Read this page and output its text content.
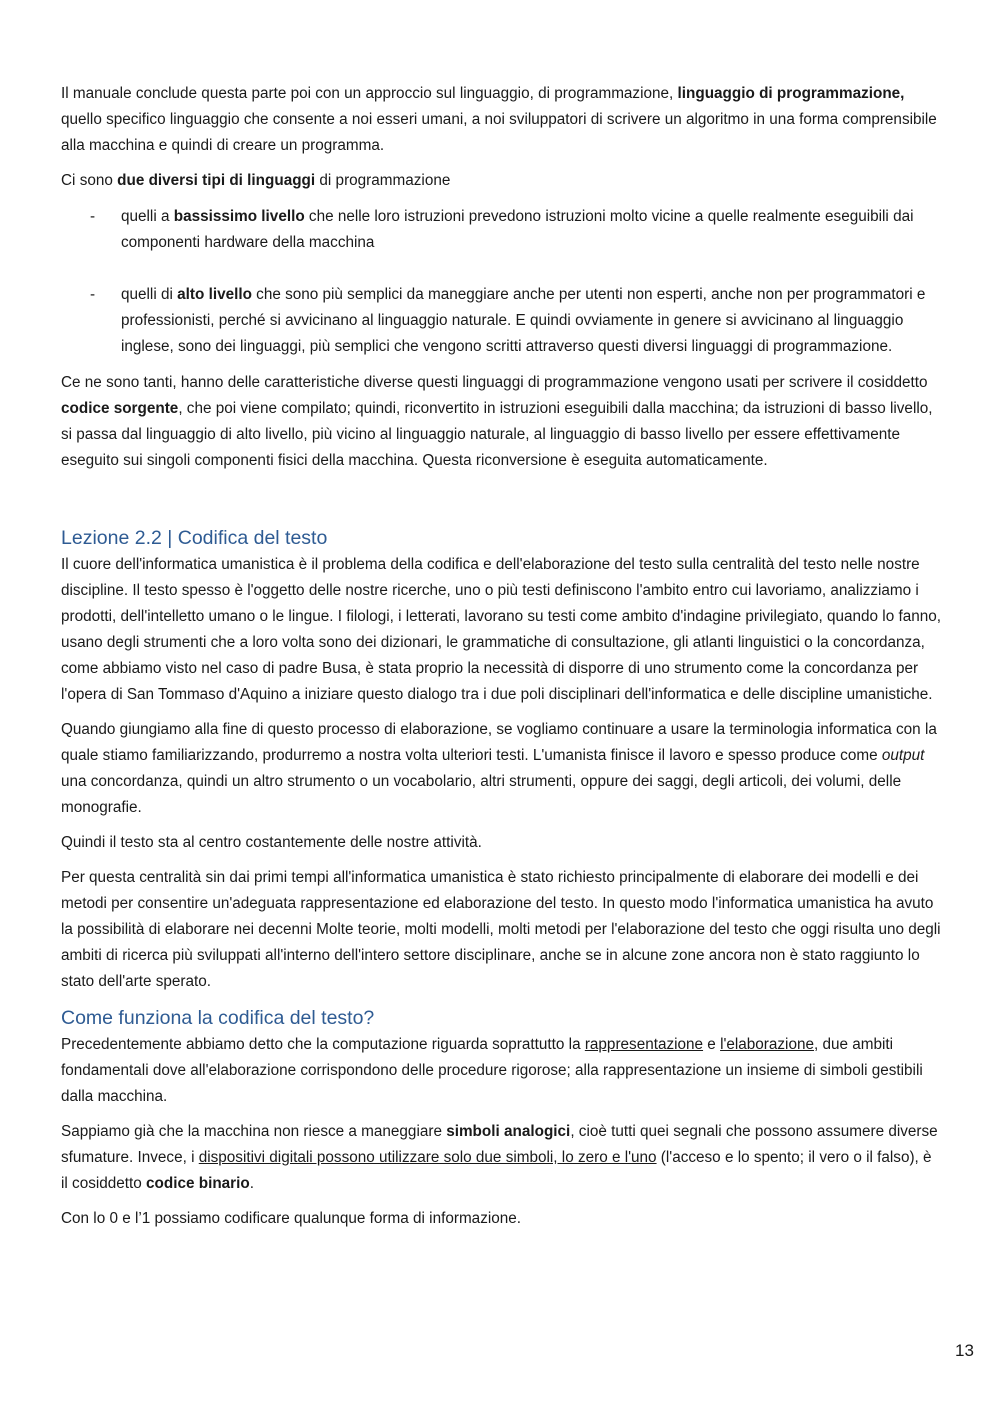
Il manuale conclude questa parte poi con un approccio sul linguaggio, di programmazione, linguaggio di programmazione, quello specifico linguaggio che consente a noi esseri umani, a noi sviluppatori di scrivere un algoritmo in una forma comprensibile alla macchina e quindi di creare un programma.

Ci sono due diversi tipi di linguaggi di programmazione

- quelli a bassissimo livello che nelle loro istruzioni prevedono istruzioni molto vicine a quelle realmente eseguibili dai componenti hardware della macchina
- quelli di alto livello che sono più semplici da maneggiare anche per utenti non esperti, anche non per programmatori e professionisti, perché si avvicinano al linguaggio naturale. E quindi ovviamente in genere si avvicinano al linguaggio inglese, sono dei linguaggi, più semplici che vengono scritti attraverso questi diversi linguaggi di programmazione.

Ce ne sono tanti, hanno delle caratteristiche diverse questi linguaggi di programmazione vengono usati per scrivere il cosiddetto codice sorgente, che poi viene compilato; quindi, riconvertito in istruzioni eseguibili dalla macchina; da istruzioni di basso livello, si passa dal linguaggio di alto livello, più vicino al linguaggio naturale, al linguaggio di basso livello per essere effettivamente eseguito sui singoli componenti fisici della macchina. Questa riconversione è eseguita automaticamente.

Lezione 2.2 | Codifica del testo

Il cuore dell'informatica umanistica è il problema della codifica e dell'elaborazione del testo sulla centralità del testo nelle nostre discipline. Il testo spesso è l'oggetto delle nostre ricerche, uno o più testi definiscono l'ambito entro cui lavoriamo, analizziamo i prodotti, dell'intelletto umano o le lingue. I filologi, i letterati, lavorano su testi come ambito d'indagine privilegiato, quando lo fanno, usano degli strumenti che a loro volta sono dei dizionari, le grammatiche di consultazione, gli atlanti linguistici o la concordanza, come abbiamo visto nel caso di padre Busa, è stata proprio la necessità di disporre di uno strumento come la concordanza per l'opera di San Tommaso d'Aquino a iniziare questo dialogo tra i due poli disciplinari dell'informatica e delle discipline umanistiche.

Quando giungiamo alla fine di questo processo di elaborazione, se vogliamo continuare a usare la terminologia informatica con la quale stiamo familiarizzando, produrremo a nostra volta ulteriori testi. L'umanista finisce il lavoro e spesso produce come output una concordanza, quindi un altro strumento o un vocabolario, altri strumenti, oppure dei saggi, degli articoli, dei volumi, delle monografie.

Quindi il testo sta al centro costantemente delle nostre attività.

Per questa centralità sin dai primi tempi all'informatica umanistica è stato richiesto principalmente di elaborare dei modelli e dei metodi per consentire un'adeguata rappresentazione ed elaborazione del testo. In questo modo l'informatica umanistica ha avuto la possibilità di elaborare nei decenni Molte teorie, molti modelli, molti metodi per l'elaborazione del testo che oggi risulta uno degli ambiti di ricerca più sviluppati all'interno dell'intero settore disciplinare, anche se in alcune zone ancora non è stato raggiunto lo stato dell'arte sperato.

Come funziona la codifica del testo?

Precedentemente abbiamo detto che la computazione riguarda soprattutto la rappresentazione e l'elaborazione, due ambiti fondamentali dove all'elaborazione corrispondono delle procedure rigorose; alla rappresentazione un insieme di simboli gestibili dalla macchina.

Sappiamo già che la macchina non riesce a maneggiare simboli analogici, cioè tutti quei segnali che possono assumere diverse sfumature. Invece, i dispositivi digitali possono utilizzare solo due simboli, lo zero e l'uno (l'acceso e lo spento; il vero o il falso), è il cosiddetto codice binario.

Con lo 0 e l’1 possiamo codificare qualunque forma di informazione.

13
